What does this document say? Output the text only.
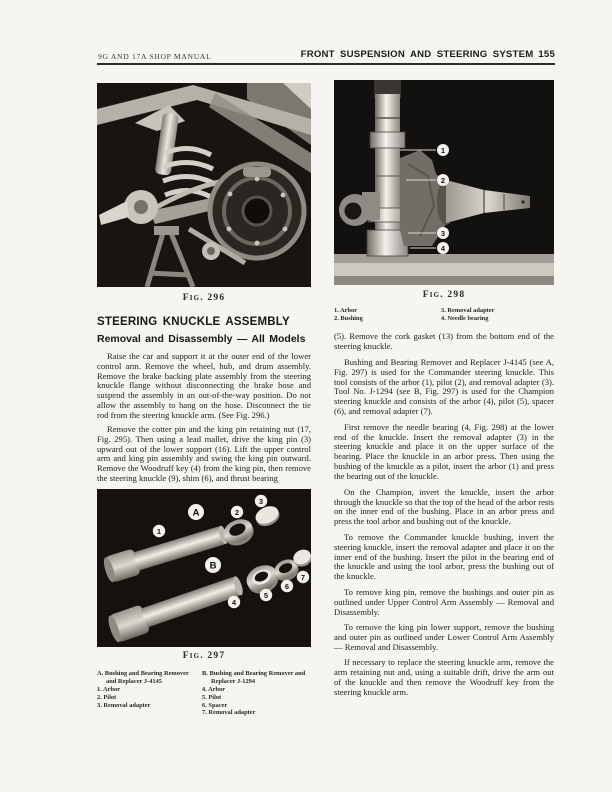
9G AND 17A SHOP MANUAL	FRONT SUSPENSION AND STEERING SYSTEM 155
Fig. 296
STEERING KNUCKLE ASSEMBLY
Removal and Disassembly — All Models

Raise the car and support it at the outer end of the lower control arm. Remove the wheel, hub, and drum assembly. Remove the brake backing plate assembly from the steering knuckle flange without disconnecting the brake hose and suspend the assembly in an out-of-the-way position. Do not allow the assembly to hang on the hose. Disconnect the tie rod from the steering knuckle arm. (See Fig. 296.)

Remove the cotter pin and the king pin retaining nut (17, Fig. 295). Then using a lead mallet, drive the king pin (3) upward out of the lower support (16). Lift the upper control arm and king pin assembly and swing the king pin outward. Remove the Woodruff key (4) from the king pin, then remove the steering knuckle (9), shim (6), and thrust bearing

A
1
2
3
B
4
5
6
7
Fig. 297
A. Bushing and Bearing Remover and Replacer J-4145
1. Arbor
2. Pilot
3. Removal adapter
B. Bushing and Bearing Remover and Replacer J-1294
4. Arbor
5. Pilot
6. Spacer
7. Removal adapter
1
2
3
4
Fig. 298
1. Arbor
2. Bushing
3. Removal adapter
4. Needle bearing

(5). Remove the cork gasket (13) from the bottom end of the steering knuckle.

Bushing and Bearing Remover and Replacer J-4145 (see A, Fig. 297) is used for the Commander steering knuckle. This tool consists of the arbor (1), pilot (2), and removal adapter (3). Tool No. J-1294 (see B, Fig. 297) is used for the Champion steering knuckle and consists of the arbor (4), pilot (5), spacer (6), and removal adapter (7).

First remove the needle bearing (4, Fig. 298) at the lower end of the knuckle. Insert the removal adapter (3) in the steering knuckle and place it on the upper surface of the bearing. Place the knuckle in an arbor press. Then using the bushing of the knuckle as a pilot, insert the arbor (1) and press the bearing out of the knuckle.

On the Champion, invert the knuckle, insert the arbor through the knuckle so that the top of the head of the arbor rests on the inner end of the bushing. Place in an arbor press and press the tool arbor and bushing out of the knuckle.

To remove the Commander knuckle bushing, invert the steering knuckle, insert the removal adapter and place it on the inner end of the bushing. Insert the pilot in the bearing end of the knuckle and using the tool arbor, press the bushing out of the knuckle.

To remove king pin, remove the bushings and outer pin as outlined under Upper Control Arm Assembly — Removal and Disassembly.

To remove the king pin lower support, remove the bushing and outer pin as outlined under Lower Control Arm Assembly — Removal and Disassembly.

If necessary to replace the steering knuckle arm, remove the arm retaining nut and, using a suitable drift, drive the arm out of the knuckle and then remove the Woodruff key from the steering knuckle arm.
